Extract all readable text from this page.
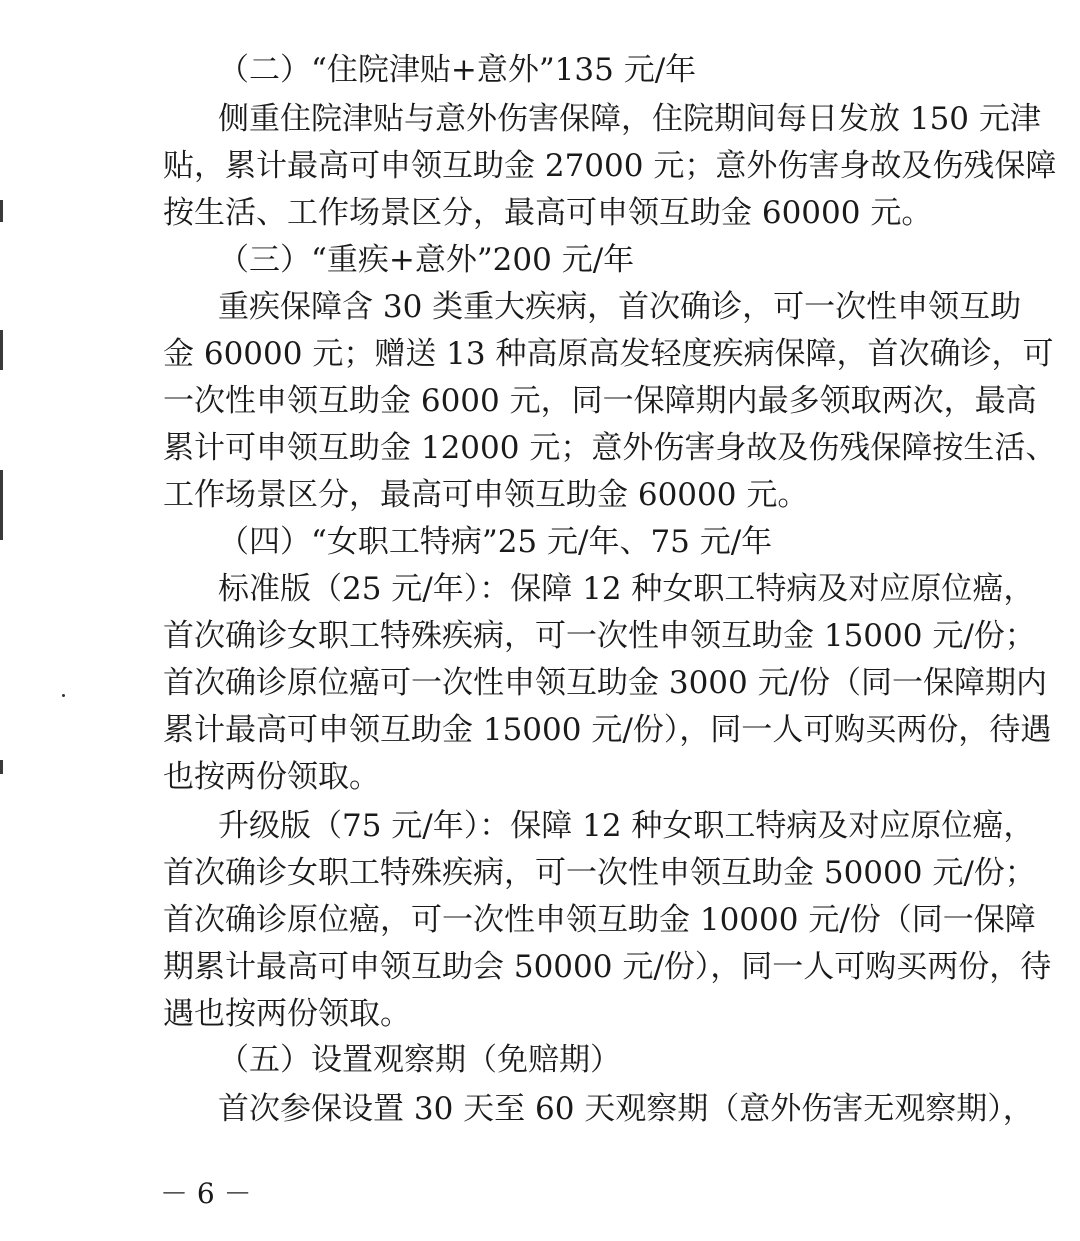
（二）“住院津贴+意外”135 元/年
侧重住院津贴与意外伤害保障，住院期间每日发放 150 元津
贴，累计最高可申领互助金 27000 元；意外伤害身故及伤残保障
按生活、工作场景区分，最高可申领互助金 60000 元。
（三）“重疾+意外”200 元/年
重疾保障含 30 类重大疾病，首次确诊，可一次性申领互助
金 60000 元；赠送 13 种高原高发轻度疾病保障，首次确诊，可
一次性申领互助金 6000 元，同一保障期内最多领取两次，最高
累计可申领互助金 12000 元；意外伤害身故及伤残保障按生活、
工作场景区分，最高可申领互助金 60000 元。
（四）“女职工特病”25 元/年、75 元/年
标准版（25 元/年）：保障 12 种女职工特病及对应原位癌，
首次确诊女职工特殊疾病，可一次性申领互助金 15000 元/份；
首次确诊原位癌可一次性申领互助金 3000 元/份（同一保障期内
累计最高可申领互助金 15000 元/份），同一人可购买两份，待遇
也按两份领取。
升级版（75 元/年）：保障 12 种女职工特病及对应原位癌，
首次确诊女职工特殊疾病，可一次性申领互助金 50000 元/份；
首次确诊原位癌，可一次性申领互助金 10000 元/份（同一保障
期累计最高可申领互助会 50000 元/份），同一人可购买两份，待
遇也按两份领取。
（五）设置观察期（免赔期）
首次参保设置 30 天至 60 天观察期（意外伤害无观察期），
－ 6 －
